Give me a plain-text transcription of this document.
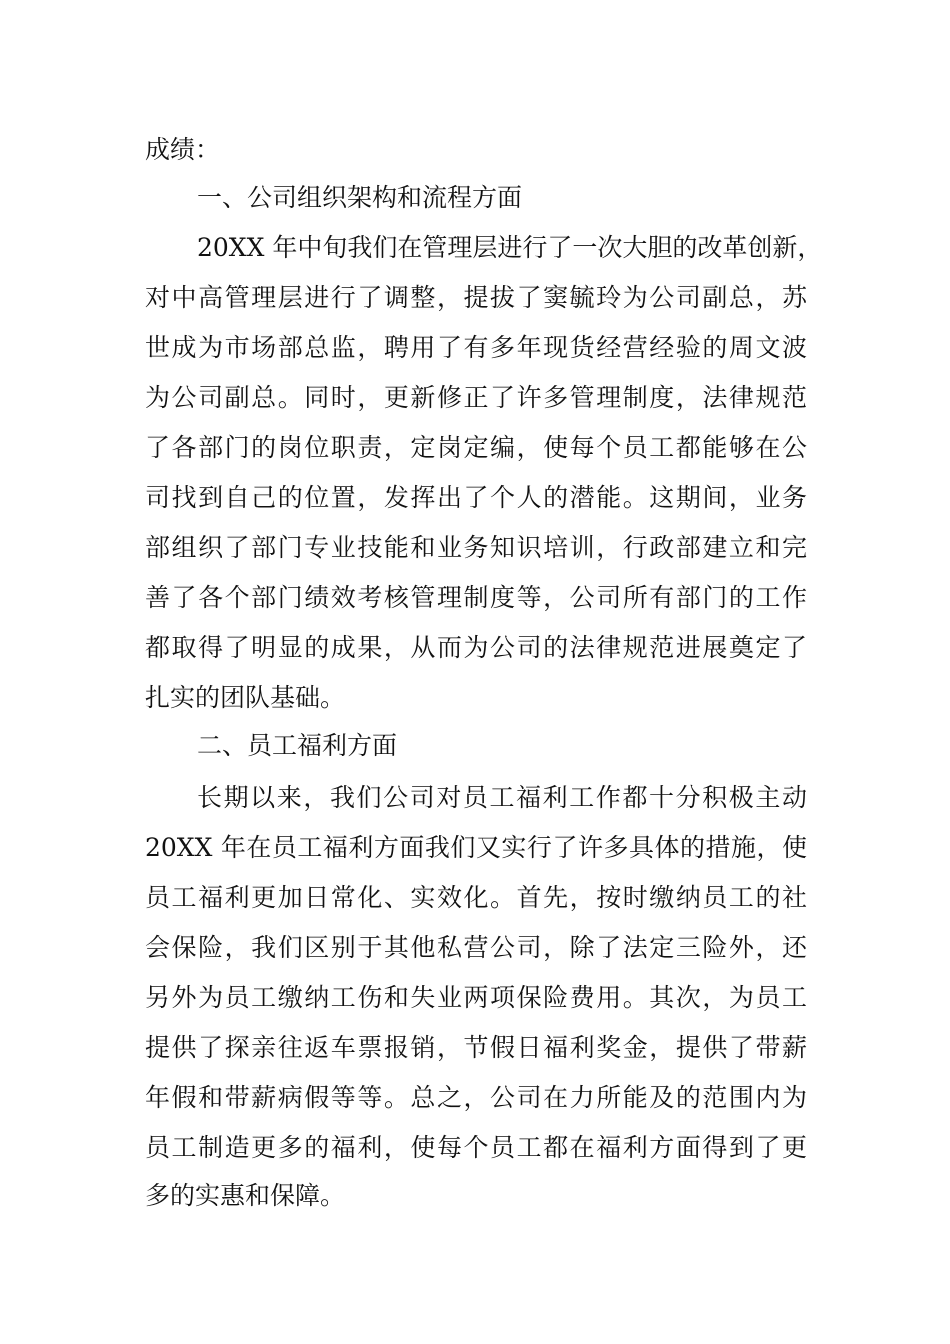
成绩：
一、公司组织架构和流程方面
20XX 年中旬我们在管理层进行了一次大胆的改革创新，
对中高管理层进行了调整，提拔了窦毓玲为公司副总，苏
世成为市场部总监，聘用了有多年现货经营经验的周文波
为公司副总。同时，更新修正了许多管理制度，法律规范
了各部门的岗位职责，定岗定编，使每个员工都能够在公
司找到自己的位置，发挥出了个人的潜能。这期间，业务
部组织了部门专业技能和业务知识培训，行政部建立和完
善了各个部门绩效考核管理制度等，公司所有部门的工作
都取得了明显的成果，从而为公司的法律规范进展奠定了
扎实的团队基础。
二、员工福利方面
长期以来，我们公司对员工福利工作都十分积极主动
20XX 年在员工福利方面我们又实行了许多具体的措施，使
员工福利更加日常化、实效化。首先，按时缴纳员工的社
会保险，我们区别于其他私营公司，除了法定三险外，还
另外为员工缴纳工伤和失业两项保险费用。其次，为员工
提供了探亲往返车票报销，节假日福利奖金，提供了带薪
年假和带薪病假等等。总之，公司在力所能及的范围内为
员工制造更多的福利，使每个员工都在福利方面得到了更
多的实惠和保障。
